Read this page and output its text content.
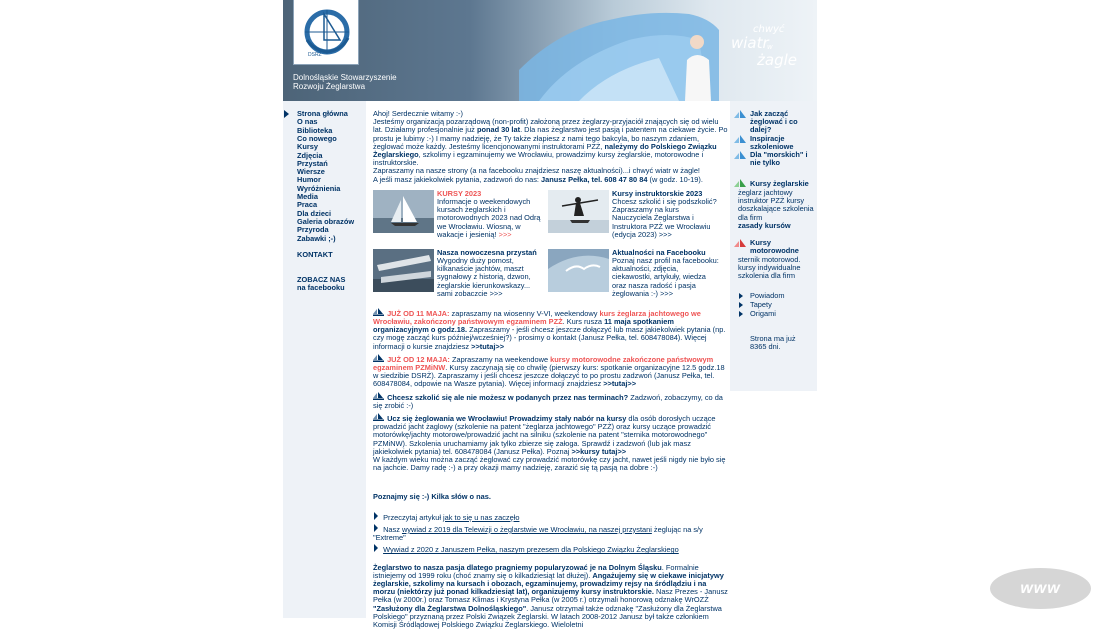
DSRŻ
Dolnośląskie Stowarzyszenie
Rozwoju Żeglarstwa
chwyć
wiatr
w
żagle
Strona główna
O nas
Biblioteka
Co nowego
Kursy
Zdjęcia
Przystań
Wiersze
Humor
Wyróżnienia
Media
Praca
Dla dzieci
Galeria obrazów
Przyroda
Zabawki ;-)
KONTAKT
ZOBACZ NAS
na facebooku

Ahoj! Serdecznie witamy :-)

Jesteśmy organizacją pozarządową (non-profit) założoną przez żeglarzy-przyjaciół znających się od wielu lat. Działamy profesjonalnie już ponad 30 lat. Dla nas żeglarstwo jest pasją i patentem na ciekawe życie. Po prostu je lubimy :-) I mamy nadzieję, że Ty także złapiesz z nami tego bakcyla, bo naszym zdaniem, żeglować może każdy. Jesteśmy licencjonowanymi instruktorami PZŻ, należymy do Polskiego Związku Żeglarskiego, szkolimy i egzaminujemy we Wrocławiu, prowadzimy kursy żeglarskie, motorowodne i instruktorskie.

Zapraszamy na nasze strony (a na facebooku znajdziesz naszę aktualności)...i chwyć wiatr w żagle!

A jeśli masz jakiekolwiek pytania, zadzwoń do nas: Janusz Pełka, tel. 608 47 80 84 (w godz. 10-19).

KURSY 2023
Informacje o weekendowych kursach żeglarskich i motorowodnych 2023 nad Odrą we Wrocławiu. Wiosną, w wakacje i jesienią! >>>
Kursy instruktorskie 2023
Chcesz szkolić i się podszkolić? Zapraszamy na kurs Nauczyciela Żeglarstwa i Instruktora PZŻ we Wrocławiu (edycja 2023) >>>
Nasza nowoczesna przystań
Wygodny duży pomost, kilkanaście jachtów, maszt sygnałowy z historią, dzwon, żeglarskie kierunkowskazy... sami zobaczcie >>>
Aktualności na Facebooku
Poznaj nasz profil na facebooku: aktualności, zdjęcia, ciekawostki, artykuły, wiedza oraz nasza radość i pasja żeglowania :-) >>>

JUŻ OD 11 MAJA: zapraszamy na wiosenny V-VI, weekendowy kurs żeglarza jachtowego we Wrocławiu, zakończony państwowym egzaminem PZŻ. Kurs rusza 11 maja spotkaniem organizacyjnym o godz.18. Zapraszamy - jeśli chcesz jeszcze dołączyć lub masz jakiekolwiek pytania (np. czy mogę zacząć kurs później/wcześniej?) - prosimy o kontakt (Janusz Pełka, tel. 608478084). Więcej informacji o kursie znajdziesz >>tutaj>>

JUŻ OD 12 MAJA: Zapraszamy na weekendowe kursy motorowodne zakończone państwowym egzaminem PZMiNW. Kursy zaczynają się co chwilę (pierwszy kurs: spotkanie organizacyjne 12.5 godz.18 w siedzibie DSRŻ). Zapraszamy i jeśli chcesz jeszcze dołączyć to po prostu zadzwoń (Janusz Pełka, tel. 608478084, odpowie na Wasze pytania). Więcej informacji znajdziesz >>tutaj>>

Chcesz szkolić się ale nie możesz w podanych przez nas terminach? Zadzwoń, zobaczymy, co da się zrobić :-)

Ucz się żeglowania we Wrocławiu! Prowadzimy stały nabór na kursy dla osób dorosłych uczące prowadzić jacht żaglowy (szkolenie na patent "żeglarza jachtowego" PZŻ) oraz kursy uczące prowadzić motorówkę/jachty motorowe/prowadzić jacht na silniku (szkolenie na patent "sternika motorowodnego" PZMiNW). Szkolenia uruchamiamy jak tylko zbierze się załoga. Sprawdź i zadzwoń (lub jak masz jakiekolwiek pytania) tel. 608478084 (Janusz Pełka). Poznaj >>kursy tutaj>>

W każdym wieku można zacząć żeglować czy prowadzić motorówkę czy jacht, nawet jeśli nigdy nie było się na jachcie. Damy radę :-) a przy okazji mamy nadzieję, zarazić się tą pasją na dobre :-)

Poznajmy się :-) Kilka słów o nas.

Przeczytaj artykuł jak to się u nas zaczęło

Nasz wywiad z 2019 dla Telewizji o żeglarstwie we Wrocławiu, na naszej przystani żeglując na s/y "Extreme"

Wywiad z 2020 z Januszem Pełka, naszym prezesem dla Polskiego Związku Żeglarskiego

Żeglarstwo to nasza pasja dlatego pragniemy popularyzować je na Dolnym Śląsku. Formalnie istniejemy od 1999 roku (choć znamy się o kilkadziesiąt lat dłużej). Angażujemy się w ciekawe inicjatywy żeglarskie, szkolimy na kursach i obozach, egzaminujemy, prowadzimy rejsy na śródlądziu i na morzu (niektórzy już ponad kilkadziesiąt lat), organizujemy kursy instruktorskie. Nasz Prezes - Janusz Pełka (w 2000r.) oraz Tomasz Klimas i Krystyna Pełka (w 2005 r.) otrzymali honorową odznakę WrOZŻ "Zasłużony dla Żeglarstwa Dolnośląskiego". Janusz otrzymał także odznakę "Zasłużony dla Żeglarstwa Polskiego" przyznaną przez Polski Związek Żeglarski. W latach 2008-2012 Janusz był także członkiem Komisji Śródlądowej Polskiego Związku Żeglarskiego. Wieloletni

Jak zacząć żeglować i co dalej?
Inspiracje szkoleniowe
Dla "morskich" i nie tylko
Kursy żeglarskie
żeglarz jachtowy instruktor PZŻ kursy doszkalające szkolenia dla firm
zasady kursów
Kursy motorowodne
sternik motorowod. kursy indywidualne szkolenia dla firm
Powiadom
Tapety
Origami
Strona ma już
8365 dni.
www
